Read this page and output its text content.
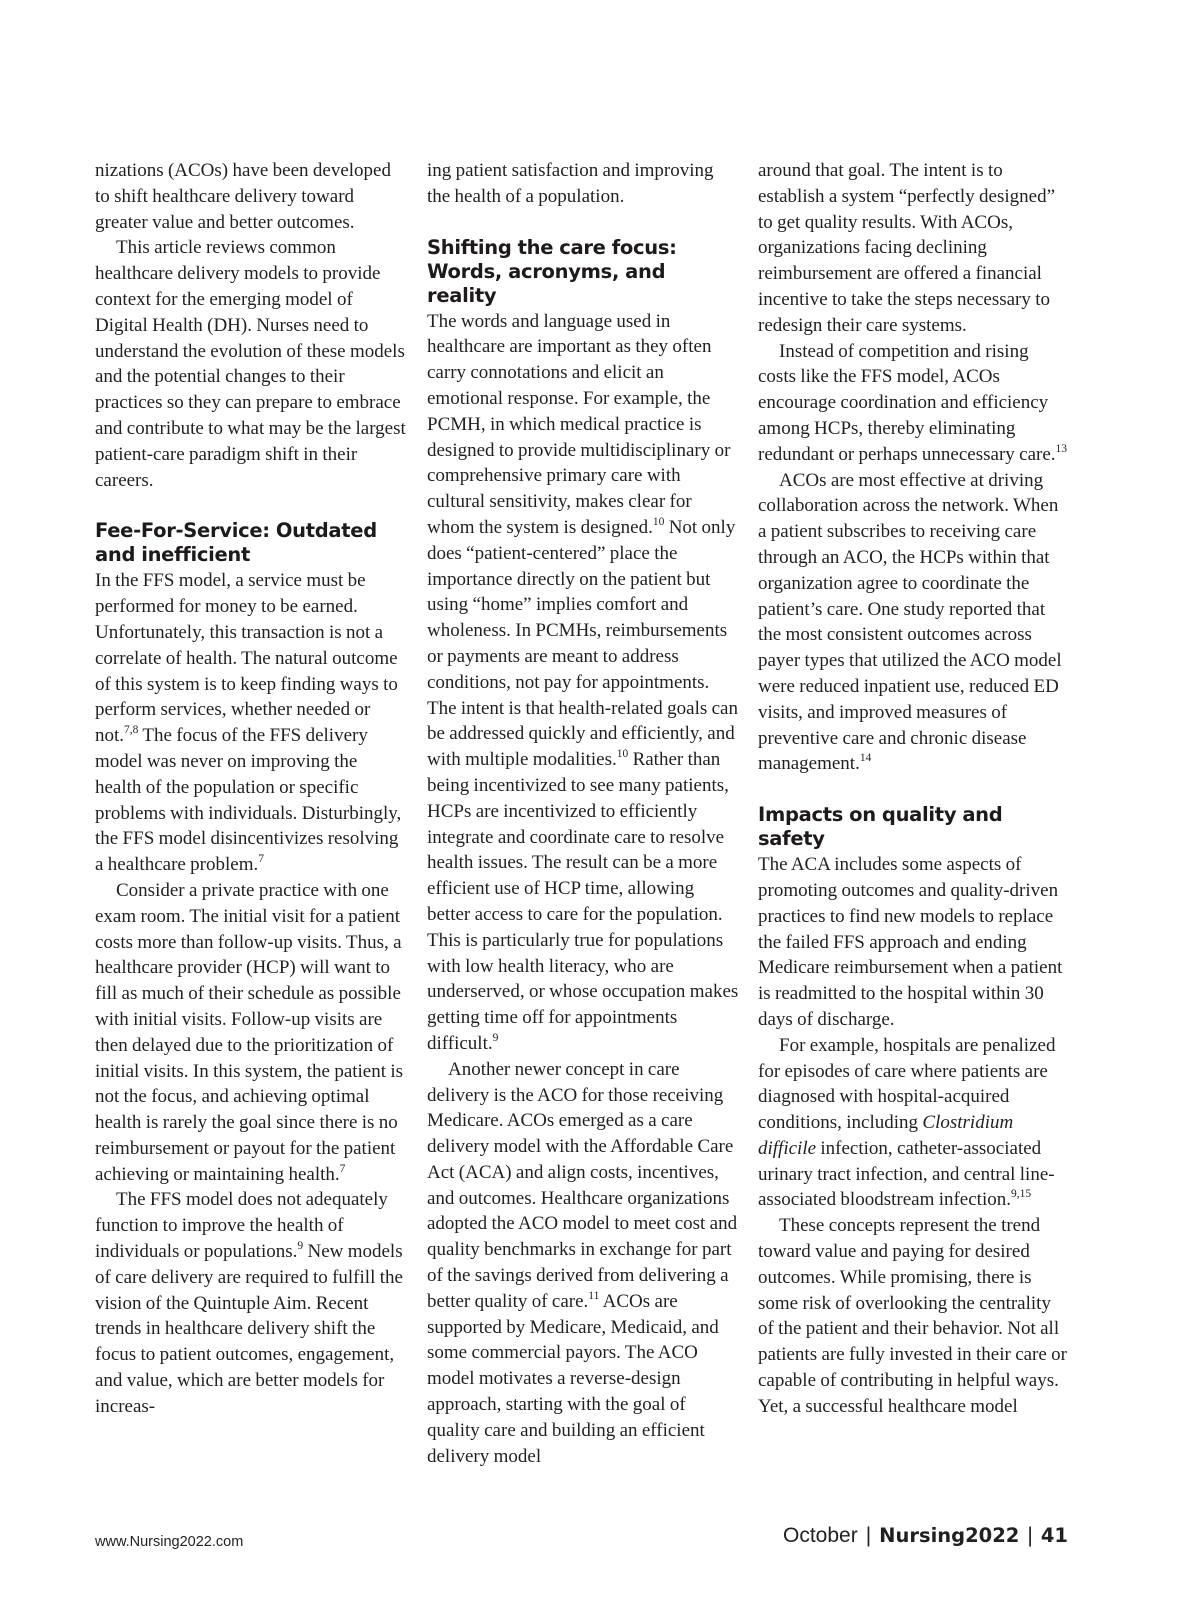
nizations (ACOs) have been developed to shift healthcare delivery toward greater value and better outcomes.

This article reviews common healthcare delivery models to provide context for the emerging model of Digital Health (DH). Nurses need to understand the evolution of these models and the potential changes to their practices so they can prepare to embrace and contribute to what may be the largest patient-care paradigm shift in their careers.

Fee-For-Service: Outdated and inefficient

In the FFS model, a service must be performed for money to be earned. Unfortunately, this transaction is not a correlate of health. The natural outcome of this system is to keep finding ways to perform services, whether needed or not.$^{7,8}$ The focus of the FFS delivery model was never on improving the health of the population or specific problems with individuals. Disturbingly, the FFS model disincentivizes resolving a healthcare problem.$^7$

Consider a private practice with one exam room. The initial visit for a patient costs more than follow-up visits. Thus, a healthcare provider (HCP) will want to fill as much of their schedule as possible with initial visits. Follow-up visits are then delayed due to the prioritization of initial visits. In this system, the patient is not the focus, and achieving optimal health is rarely the goal since there is no reimbursement or payout for the patient achieving or maintaining health.$^7$

The FFS model does not adequately function to improve the health of individuals or populations.$^9$ New models of care delivery are required to fulfill the vision of the Quintuple Aim. Recent trends in healthcare delivery shift the focus to patient outcomes, engagement, and value, which are better models for increas-

ing patient satisfaction and improving the health of a population.

Shifting the care focus: Words, acronyms, and reality

The words and language used in healthcare are important as they often carry connotations and elicit an emotional response. For example, the PCMH, in which medical practice is designed to provide multidisciplinary or comprehensive primary care with cultural sensitivity, makes clear for whom the system is designed.$^{10}$ Not only does “patient-centered” place the importance directly on the patient but using “home” implies comfort and wholeness. In PCMHs, reimbursements or payments are meant to address conditions, not pay for appointments. The intent is that health-related goals can be addressed quickly and efficiently, and with multiple modalities.$^{10}$ Rather than being incentivized to see many patients, HCPs are incentivized to efficiently integrate and coordinate care to resolve health issues. The result can be a more efficient use of HCP time, allowing better access to care for the population. This is particularly true for populations with low health literacy, who are underserved, or whose occupation makes getting time off for appointments difficult.$^9$

Another newer concept in care delivery is the ACO for those receiving Medicare. ACOs emerged as a care delivery model with the Affordable Care Act (ACA) and align costs, incentives, and outcomes. Healthcare organizations adopted the ACO model to meet cost and quality benchmarks in exchange for part of the savings derived from delivering a better quality of care.$^{11}$ ACOs are supported by Medicare, Medicaid, and some commercial payors. The ACO model motivates a reverse-design approach, starting with the goal of quality care and building an efficient delivery model

around that goal. The intent is to establish a system “perfectly designed” to get quality results. With ACOs, organizations facing declining reimbursement are offered a financial incentive to take the steps necessary to redesign their care systems.

Instead of competition and rising costs like the FFS model, ACOs encourage coordination and efficiency among HCPs, thereby eliminating redundant or perhaps unnecessary care.$^{13}$

ACOs are most effective at driving collaboration across the network. When a patient subscribes to receiving care through an ACO, the HCPs within that organization agree to coordinate the patient’s care. One study reported that the most consistent outcomes across payer types that utilized the ACO model were reduced inpatient use, reduced ED visits, and improved measures of preventive care and chronic disease management.$^{14}$

Impacts on quality and safety

The ACA includes some aspects of promoting outcomes and quality-driven practices to find new models to replace the failed FFS approach and ending Medicare reimbursement when a patient is readmitted to the hospital within 30 days of discharge.

For example, hospitals are penalized for episodes of care where patients are diagnosed with hospital-acquired conditions, including Clostridium difficile infection, catheter-associated urinary tract infection, and central line-associated bloodstream infection.$^{9,15}$

These concepts represent the trend toward value and paying for desired outcomes. While promising, there is some risk of overlooking the centrality of the patient and their behavior. Not all patients are fully invested in their care or capable of contributing in helpful ways. Yet, a successful healthcare model

www.Nursing2022.com	October | Nursing2022 | 41
